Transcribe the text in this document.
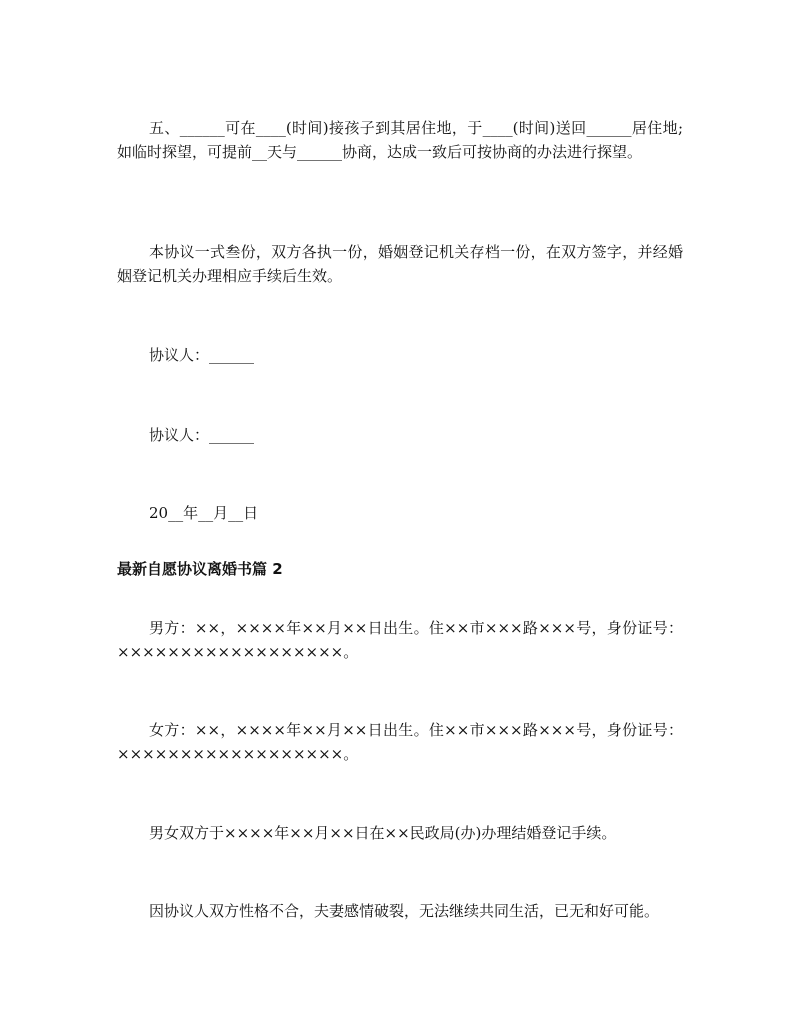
五、______可在____(时间)接孩子到其居住地，于____(时间)送回______居住地;如临时探望，可提前__天与______协商，达成一致后可按协商的办法进行探望。

本协议一式叁份，双方各执一份，婚姻登记机关存档一份，在双方签字，并经婚姻登记机关办理相应手续后生效。

协议人：______

协议人：______

20__年__月__日

最新自愿协议离婚书篇 2

男方：××，××××年××月××日出生。住××市×××路×××号，身份证号：××××××××××××××××××。

女方：××，××××年××月××日出生。住××市×××路×××号，身份证号：××××××××××××××××××。

男女双方于××××年××月××日在××民政局(办)办理结婚登记手续。

因协议人双方性格不合，夫妻感情破裂，无法继续共同生活，已无和好可能。
